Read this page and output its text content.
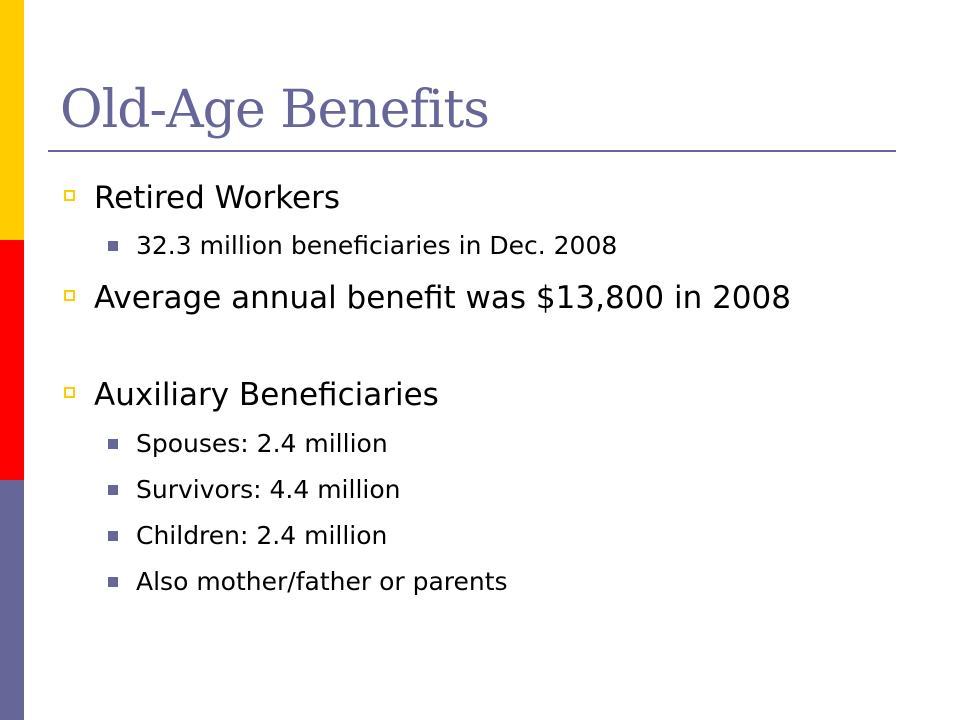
Old-Age Benefits
Retired Workers
32.3 million beneficiaries in Dec. 2008
Average annual benefit was $13,800 in 2008
Auxiliary Beneficiaries
Spouses: 2.4 million
Survivors: 4.4 million
Children: 2.4 million
Also mother/father or parents
